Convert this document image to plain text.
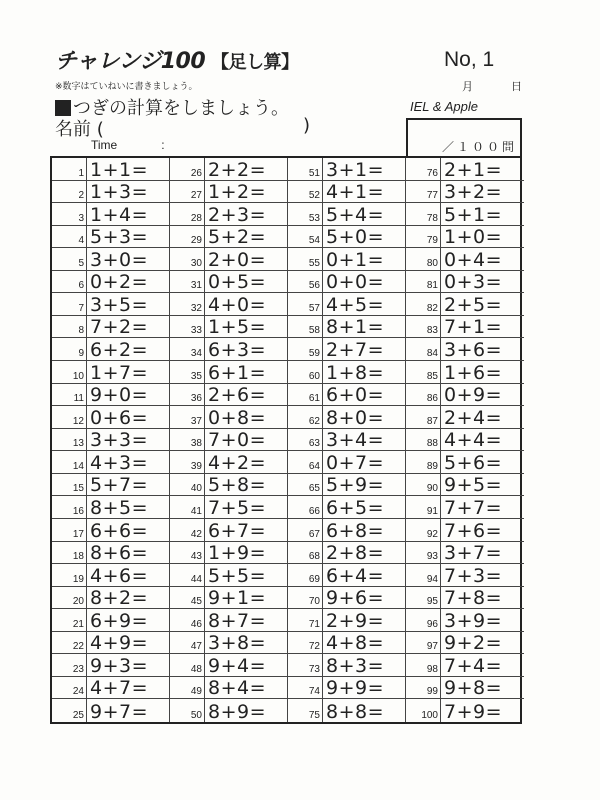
チャレンジ100 【足し算】	No, 1
※数字はていねいに書きましょう。	月	日
つぎの計算をしましょう。	IEL & Apple
名前 (	)
Time	:	／１００問
1 1+1=	26 2+2=	51 3+1=	76 2+1=
2 1+3=	27 1+2=	52 4+1=	77 3+2=
3 1+4=	28 2+3=	53 5+4=	78 5+1=
4 5+3=	29 5+2=	54 5+0=	79 1+0=
5 3+0=	30 2+0=	55 0+1=	80 0+4=
6 0+2=	31 0+5=	56 0+0=	81 0+3=
7 3+5=	32 4+0=	57 4+5=	82 2+5=
8 7+2=	33 1+5=	58 8+1=	83 7+1=
9 6+2=	34 6+3=	59 2+7=	84 3+6=
10 1+7=	35 6+1=	60 1+8=	85 1+6=
11 9+0=	36 2+6=	61 6+0=	86 0+9=
12 0+6=	37 0+8=	62 8+0=	87 2+4=
13 3+3=	38 7+0=	63 3+4=	88 4+4=
14 4+3=	39 4+2=	64 0+7=	89 5+6=
15 5+7=	40 5+8=	65 5+9=	90 9+5=
16 8+5=	41 7+5=	66 6+5=	91 7+7=
17 6+6=	42 6+7=	67 6+8=	92 7+6=
18 8+6=	43 1+9=	68 2+8=	93 3+7=
19 4+6=	44 5+5=	69 6+4=	94 7+3=
20 8+2=	45 9+1=	70 9+6=	95 7+8=
21 6+9=	46 8+7=	71 2+9=	96 3+9=
22 4+9=	47 3+8=	72 4+8=	97 9+2=
23 9+3=	48 9+4=	73 8+3=	98 7+4=
24 4+7=	49 8+4=	74 9+9=	99 9+8=
25 9+7=	50 8+9=	75 8+8=	100 7+9=
